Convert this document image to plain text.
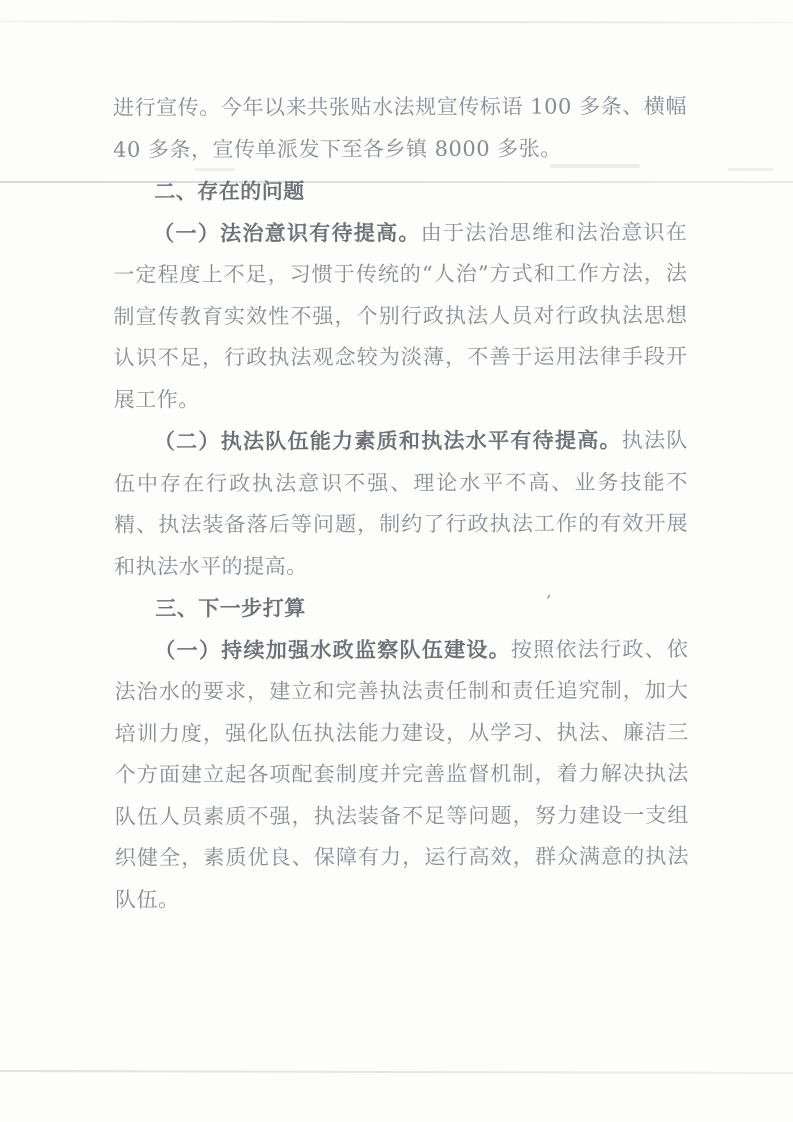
进行宣传。今年以来共张贴水法规宣传标语 100 多条、横幅 40 多条，宣传单派发下至各乡镇 8000 多张。

二、存在的问题

（一）法治意识有待提高。由于法治思维和法治意识在一定程度上不足，习惯于传统的“人治”方式和工作方法，法制宣传教育实效性不强，个别行政执法人员对行政执法思想认识不足，行政执法观念较为淡薄，不善于运用法律手段开展工作。

（二）执法队伍能力素质和执法水平有待提高。执法队伍中存在行政执法意识不强、理论水平不高、业务技能不精、执法装备落后等问题，制约了行政执法工作的有效开展和执法水平的提高。

三、下一步打算

（一）持续加强水政监察队伍建设。按照依法行政、依法治水的要求，建立和完善执法责任制和责任追究制，加大培训力度，强化队伍执法能力建设，从学习、执法、廉洁三个方面建立起各项配套制度并完善监督机制，着力解决执法队伍人员素质不强，执法装备不足等问题，努力建设一支组织健全，素质优良、保障有力，运行高效，群众满意的执法队伍。

’
